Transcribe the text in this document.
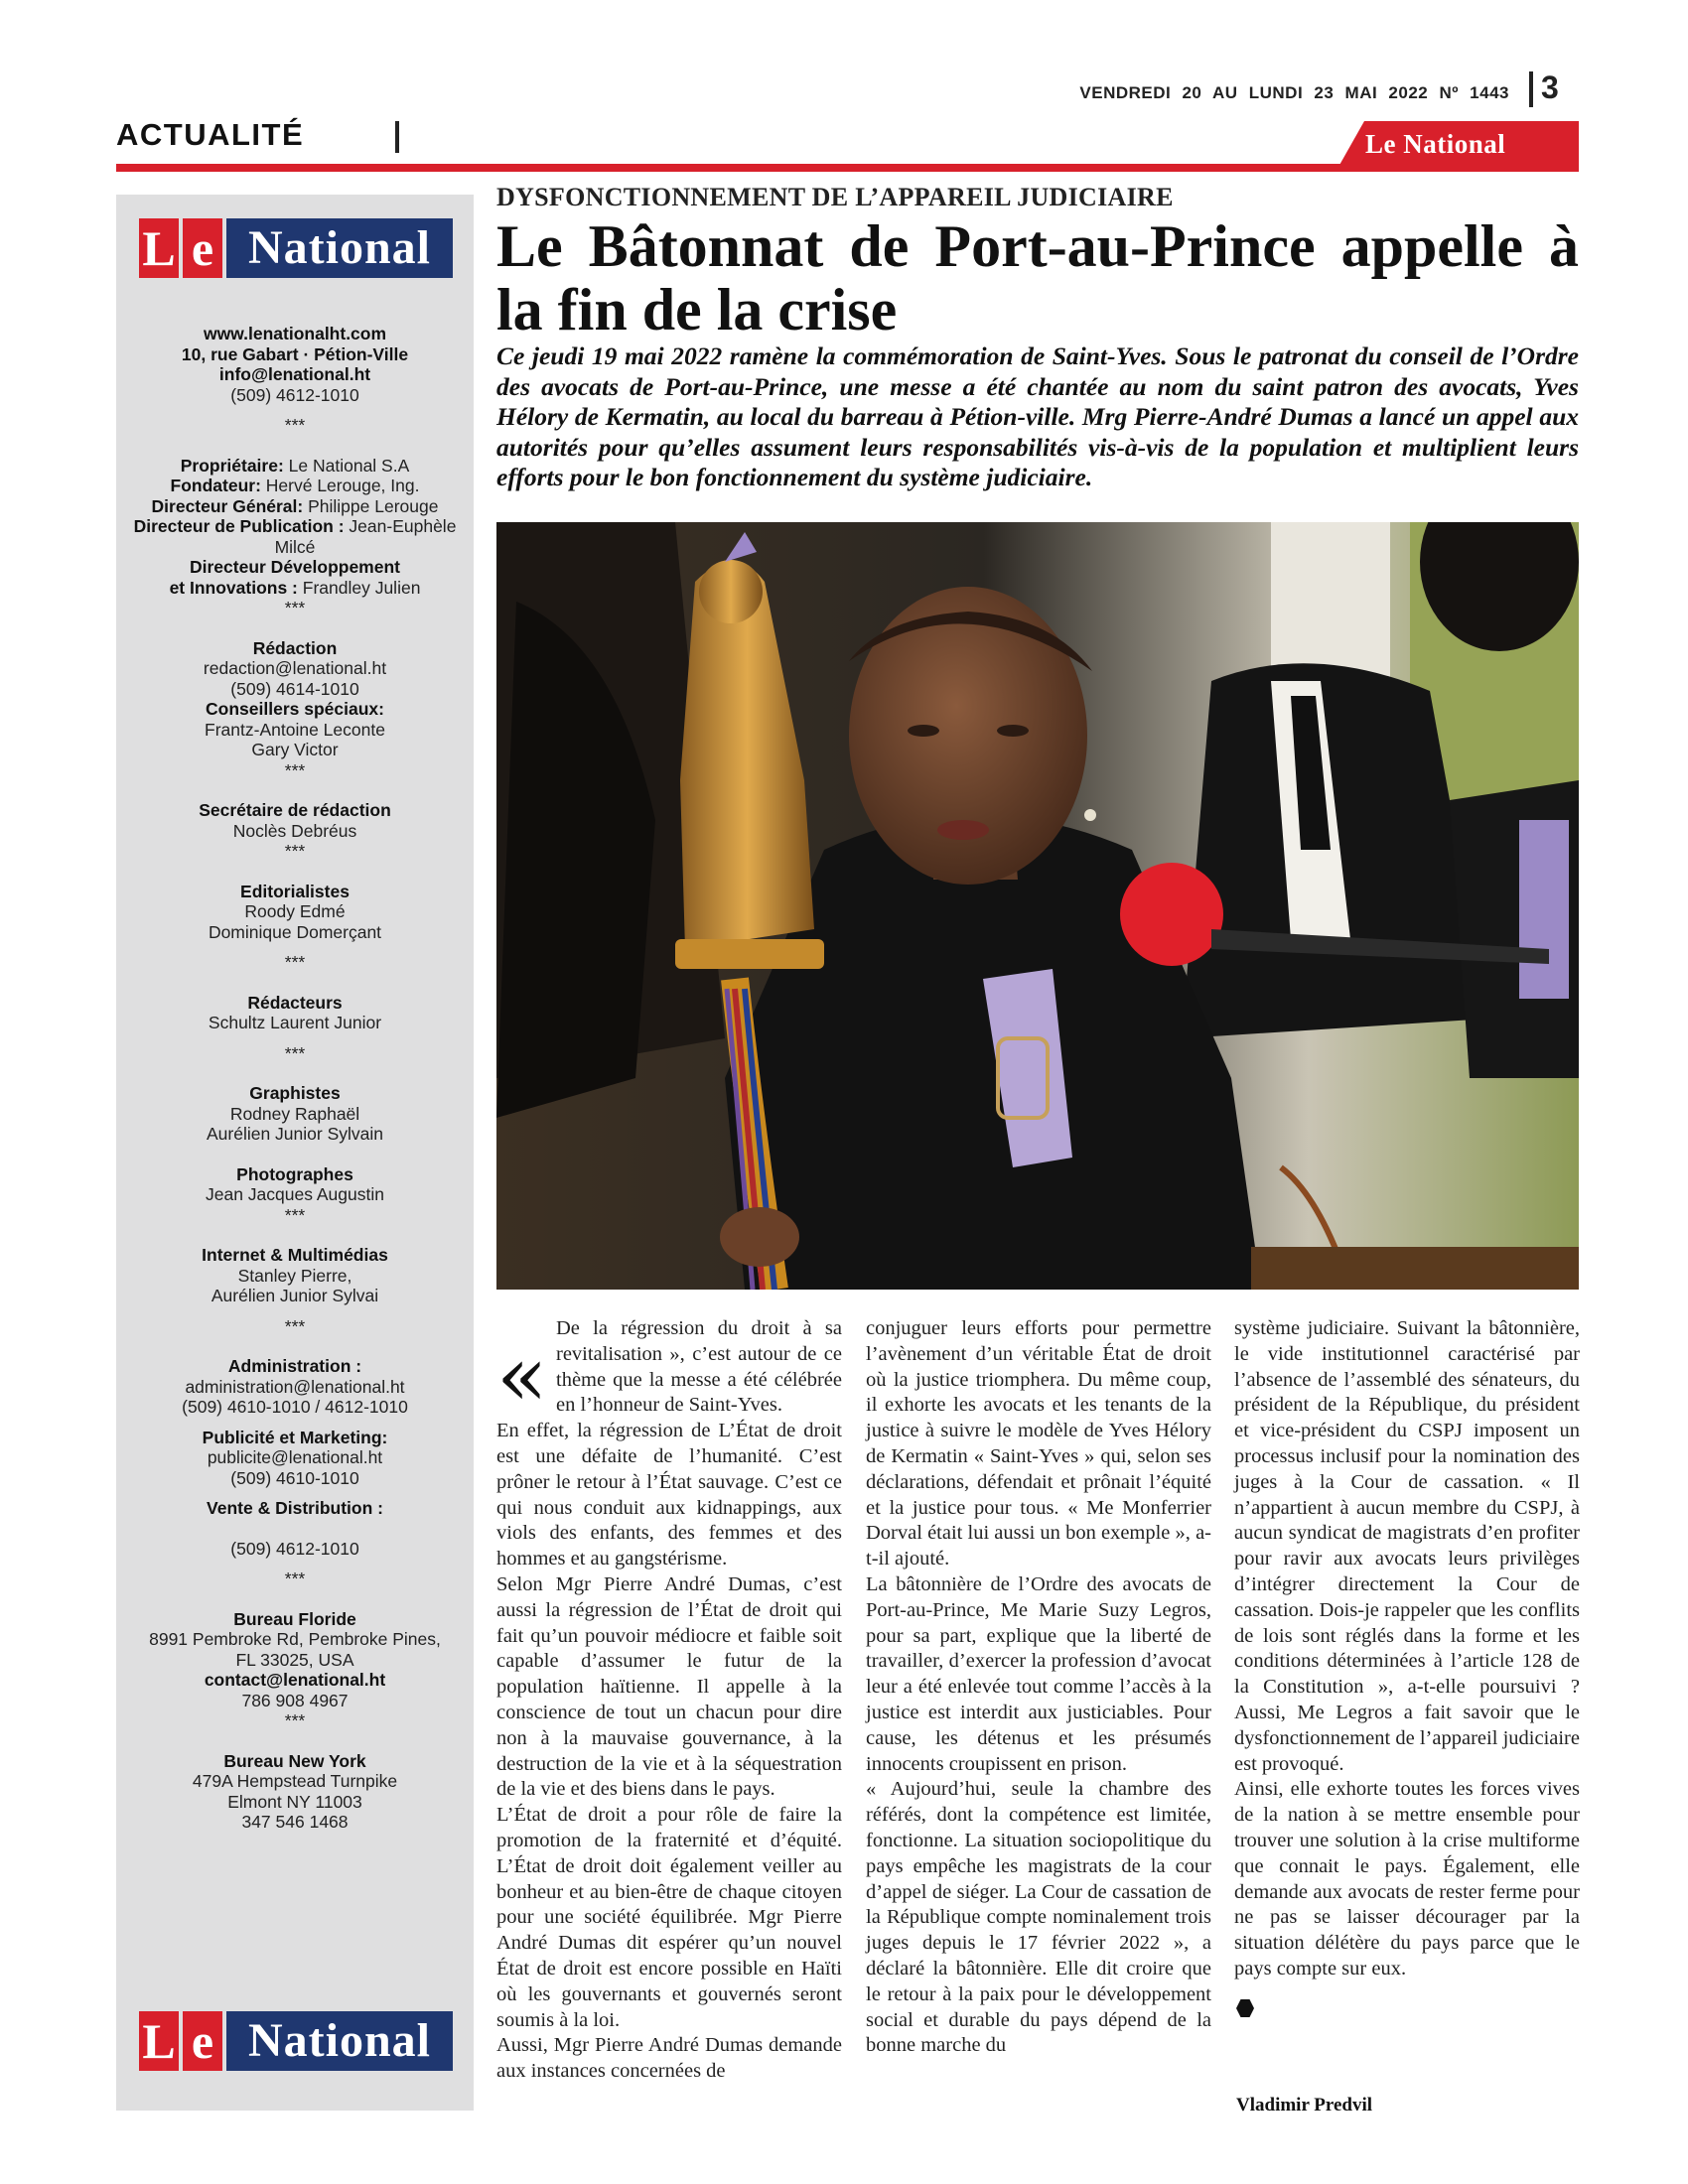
VENDREDI 20 AU LUNDI 23 MAI 2022 Nº 1443 3
ACTUALITÉ	Le National
L e National
www.lenationalht.com
10, rue Gabart · Pétion-Ville
info@lenational.ht
(509) 4612-1010
***
Propriétaire: Le National S.A
Fondateur: Hervé Lerouge, Ing.
Directeur Général: Philippe Lerouge
Directeur de Publication : Jean-Euphèle Milcé
Directeur Développement
et Innovations : Frandley Julien
***
Rédaction
redaction@lenational.ht
(509) 4614-1010
Conseillers spéciaux:
Frantz-Antoine Leconte
Gary Victor
***
Secrétaire de rédaction
Noclès Debréus
***
Editorialistes
Roody Edmé
Dominique Domerçant
***
Rédacteurs
Schultz Laurent Junior
***
Graphistes
Rodney Raphaël
Aurélien Junior Sylvain
Photographes
Jean Jacques Augustin
***
Internet & Multimédias
Stanley Pierre,
Aurélien Junior Sylvai
***
Administration :
administration@lenational.ht
(509) 4610-1010 / 4612-1010
Publicité et Marketing:
publicite@lenational.ht
(509) 4610-1010
Vente & Distribution :
(509) 4612-1010
***
Bureau Floride
8991 Pembroke Rd, Pembroke Pines,
FL 33025, USA
contact@lenational.ht
786 908 4967
***
Bureau New York
479A Hempstead Turnpike
Elmont NY 11003
347 546 1468
L e National
DYSFONCTIONNEMENT DE L’APPAREIL JUDICIAIRE
Le Bâtonnat de Port-au-Prince appelle à la fin de la crise
Ce jeudi 19 mai 2022 ramène la commémoration de Saint-Yves. Sous le patronat du conseil de l’Ordre des avocats de Port-au-Prince, une messe a été chantée au nom du saint patron des avocats, Yves Hélory de Kermatin, au local du barreau à Pétion-ville. Mrg Pierre-André Dumas a lancé un appel aux autorités pour qu’elles assument leurs responsabilités vis-à-vis de la population et multiplient leurs efforts pour le bon fonctionnement du système judiciaire.
« De la régression du droit à sa revitalisation », c’est autour de ce thème que la messe a été célébrée en l’honneur de Saint-Yves.

En effet, la régression de L’État de droit est une défaite de l’humanité. C’est prôner le retour à l’État sauvage. C’est ce qui nous conduit aux kidnappings, aux viols des enfants, des femmes et des hommes et au gangstérisme.

Selon Mgr Pierre André Dumas, c’est aussi la régression de l’État de droit qui fait qu’un pouvoir médiocre et faible soit capable d’assumer le futur de la population haïtienne. Il appelle à la conscience de tout un chacun pour dire non à la mauvaise gouvernance, à la destruction de la vie et à la séquestration de la vie et des biens dans le pays.

L’État de droit a pour rôle de faire la promotion de la fraternité et d’équité. L’État de droit doit également veiller au bonheur et au bien-être de chaque citoyen pour une société équilibrée. Mgr Pierre André Dumas dit espérer qu’un nouvel État de droit est encore possible en Haïti où les gouvernants et gouvernés seront soumis à la loi.

Aussi, Mgr Pierre André Dumas demande aux instances concernées de

conjuguer leurs efforts pour permettre l’avènement d’un véritable État de droit où la justice triomphera. Du même coup, il exhorte les avocats et les tenants de la justice à suivre le modèle de Yves Hélory de Kermatin « Saint-Yves » qui, selon ses déclarations, défendait et prônait l’équité et la justice pour tous. « Me Monferrier Dorval était lui aussi un bon exemple », a-t-il ajouté.

La bâtonnière de l’Ordre des avocats de Port-au-Prince, Me Marie Suzy Legros, pour sa part, explique que la liberté de travailler, d’exercer la profession d’avocat leur a été enlevée tout comme l’accès à la justice est interdit aux justiciables. Pour cause, les détenus et les présumés innocents croupissent en prison.

« Aujourd’hui, seule la chambre des référés, dont la compétence est limitée, fonctionne. La situation sociopolitique du pays empêche les magistrats de la cour d’appel de siéger. La Cour de cassation de la République compte nominalement trois juges depuis le 17 février 2022 », a déclaré la bâtonnière. Elle dit croire que le retour à la paix pour le développement social et durable du pays dépend de la bonne marche du

système judiciaire. Suivant la bâtonnière, le vide institutionnel caractérisé par l’absence de l’assemblé des sénateurs, du président de la République, du président et vice-président du CSPJ imposent un processus inclusif pour la nomination des juges à la Cour de cassation. « Il n’appartient à aucun membre du CSPJ, à aucun syndicat de magistrats d’en profiter pour ravir aux avocats leurs privilèges d’intégrer directement la Cour de cassation. Dois-je rappeler que les conflits de lois sont réglés dans la forme et les conditions déterminées à l’article 128 de la Constitution », a-t-elle poursuivi ? Aussi, Me Legros a fait savoir que le dysfonctionnement de l’appareil judiciaire est provoqué.

Ainsi, elle exhorte toutes les forces vives de la nation à se mettre ensemble pour trouver une solution à la crise multiforme que connait le pays. Également, elle demande aux avocats de rester ferme pour ne pas se laisser décourager par la situation délétère du pays parce que le pays compte sur eux.

Vladimir Predvil
